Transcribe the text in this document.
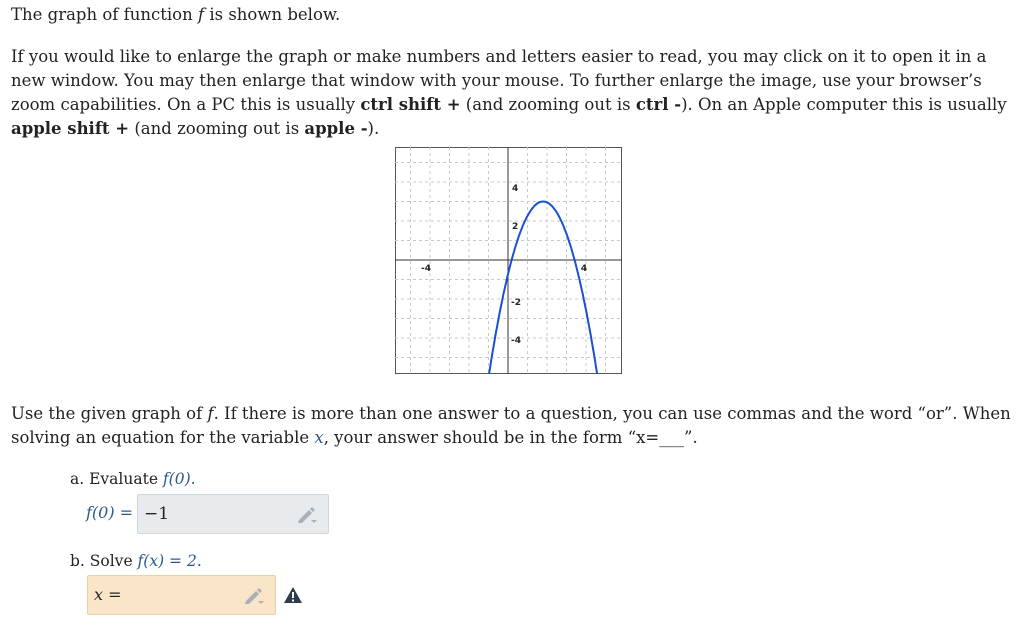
The graph of function f is shown below.

If you would like to enlarge the graph or make numbers and letters easier to read, you may click on it to open it in a new window. You may then enlarge that window with your mouse. To further enlarge the image, use your browser’s zoom capabilities. On a PC this is usually ctrl shift + (and zooming out is ctrl -). On an Apple computer this is usually apple shift + (and zooming out is apple -).

-4	4
4
2
-2
-4

Use the given graph of f. If there is more than one answer to a question, you can use commas and the word “or”. When solving an equation for the variable x, your answer should be in the form “x=___”.

a. Evaluate f(0).
f(0) = −1
b. Solve f(x) = 2.
x =
